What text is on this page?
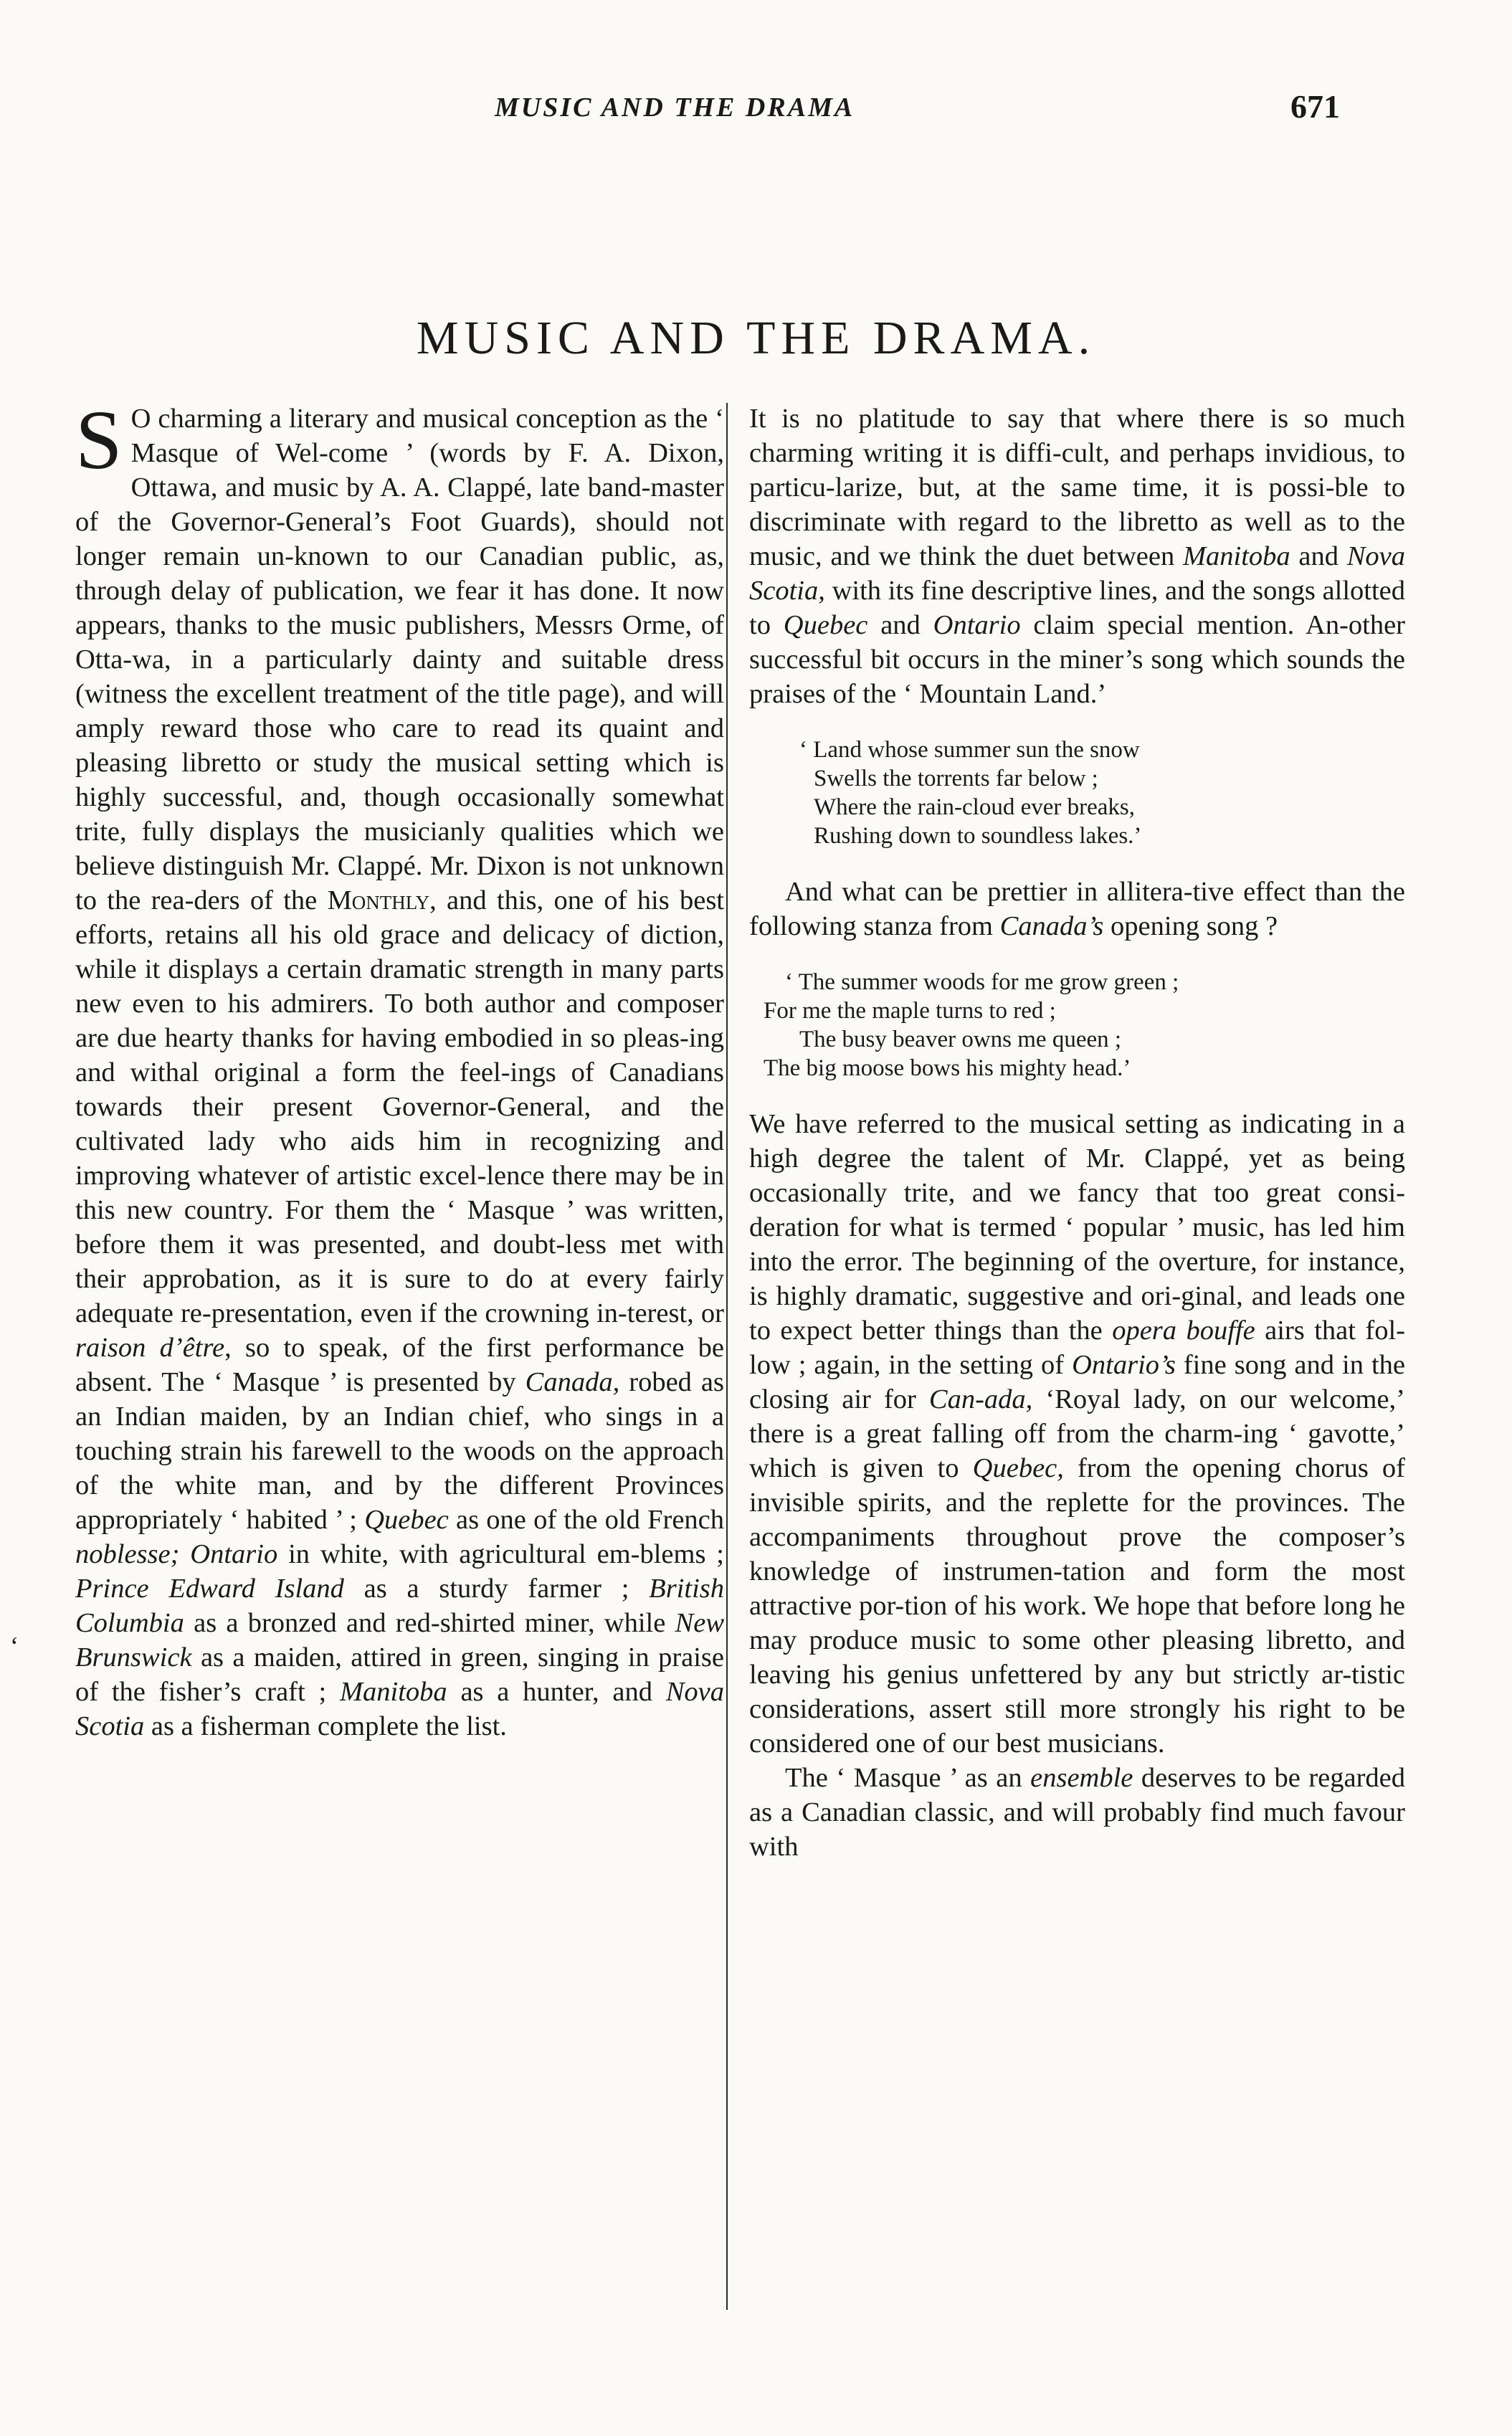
MUSIC AND THE DRAMA	671
MUSIC AND THE DRAMA.
‘

S O charming a literary and musical conception as the ‘ Masque of Wel-come ’ (words by F. A. Dixon, Ottawa, and music by A. A. Clappé, late band-master of the Governor-General’s Foot Guards), should not longer remain un-known to our Canadian public, as, through delay of publication, we fear it has done. It now appears, thanks to the music publishers, Messrs Orme, of Otta-wa, in a particularly dainty and suitable dress (witness the excellent treatment of the title page), and will amply reward those who care to read its quaint and pleasing libretto or study the musical setting which is highly successful, and, though occasionally somewhat trite, fully displays the musicianly qualities which we believe distinguish Mr. Clappé. Mr. Dixon is not unknown to the rea-ders of the Monthly, and this, one of his best efforts, retains all his old grace and delicacy of diction, while it displays a certain dramatic strength in many parts new even to his admirers. To both author and composer are due hearty thanks for having embodied in so pleas-ing and withal original a form the feel-ings of Canadians towards their present Governor-General, and the cultivated lady who aids him in recognizing and improving whatever of artistic excel-lence there may be in this new country. For them the ‘ Masque ’ was written, before them it was presented, and doubt-less met with their approbation, as it is sure to do at every fairly adequate re-presentation, even if the crowning in-terest, or raison d’être, so to speak, of the first performance be absent. The ‘ Masque ’ is presented by Canada, robed as an Indian maiden, by an Indian chief, who sings in a touching strain his farewell to the woods on the approach of the white man, and by the different Provinces appropriately ‘ habited ’ ; Quebec as one of the old French noblesse; Ontario in white, with agricultural em-blems ; Prince Edward Island as a sturdy farmer ; British Columbia as a bronzed and red-shirted miner, while New Brunswick as a maiden, attired in green, singing in praise of the fisher’s craft ; Manitoba as a hunter, and Nova Scotia as a fisherman complete the list.

It is no platitude to say that where there is so much charming writing it is diffi-cult, and perhaps invidious, to particu-larize, but, at the same time, it is possi-ble to discriminate with regard to the libretto as well as to the music, and we think the duet between Manitoba and Nova Scotia, with its fine descriptive lines, and the songs allotted to Quebec and Ontario claim special mention. An-other successful bit occurs in the miner’s song which sounds the praises of the ‘ Mountain Land.’

‘ Land whose summer sun the snow
Swells the torrents far below ;
Where the rain-cloud ever breaks,
Rushing down to soundless lakes.’

And what can be prettier in allitera-tive effect than the following stanza from Canada’s opening song ?

‘ The summer woods for me grow green ;
For me the maple turns to red ;
The busy beaver owns me queen ;
The big moose bows his mighty head.’

We have referred to the musical setting as indicating in a high degree the talent of Mr. Clappé, yet as being occasionally trite, and we fancy that too great consi-deration for what is termed ‘ popular ’ music, has led him into the error. The beginning of the overture, for instance, is highly dramatic, suggestive and ori-ginal, and leads one to expect better things than the opera bouffe airs that fol-low ; again, in the setting of Ontario’s fine song and in the closing air for Can-ada, ‘Royal lady, on our welcome,’ there is a great falling off from the charm-ing ‘ gavotte,’ which is given to Quebec, from the opening chorus of invisible spirits, and the replette for the provinces. The accompaniments throughout prove the composer’s knowledge of instrumen-tation and form the most attractive por-tion of his work. We hope that before long he may produce music to some other pleasing libretto, and leaving his genius unfettered by any but strictly ar-tistic considerations, assert still more strongly his right to be considered one of our best musicians.

The ‘ Masque ’ as an ensemble deserves to be regarded as a Canadian classic, and will probably find much favour with
